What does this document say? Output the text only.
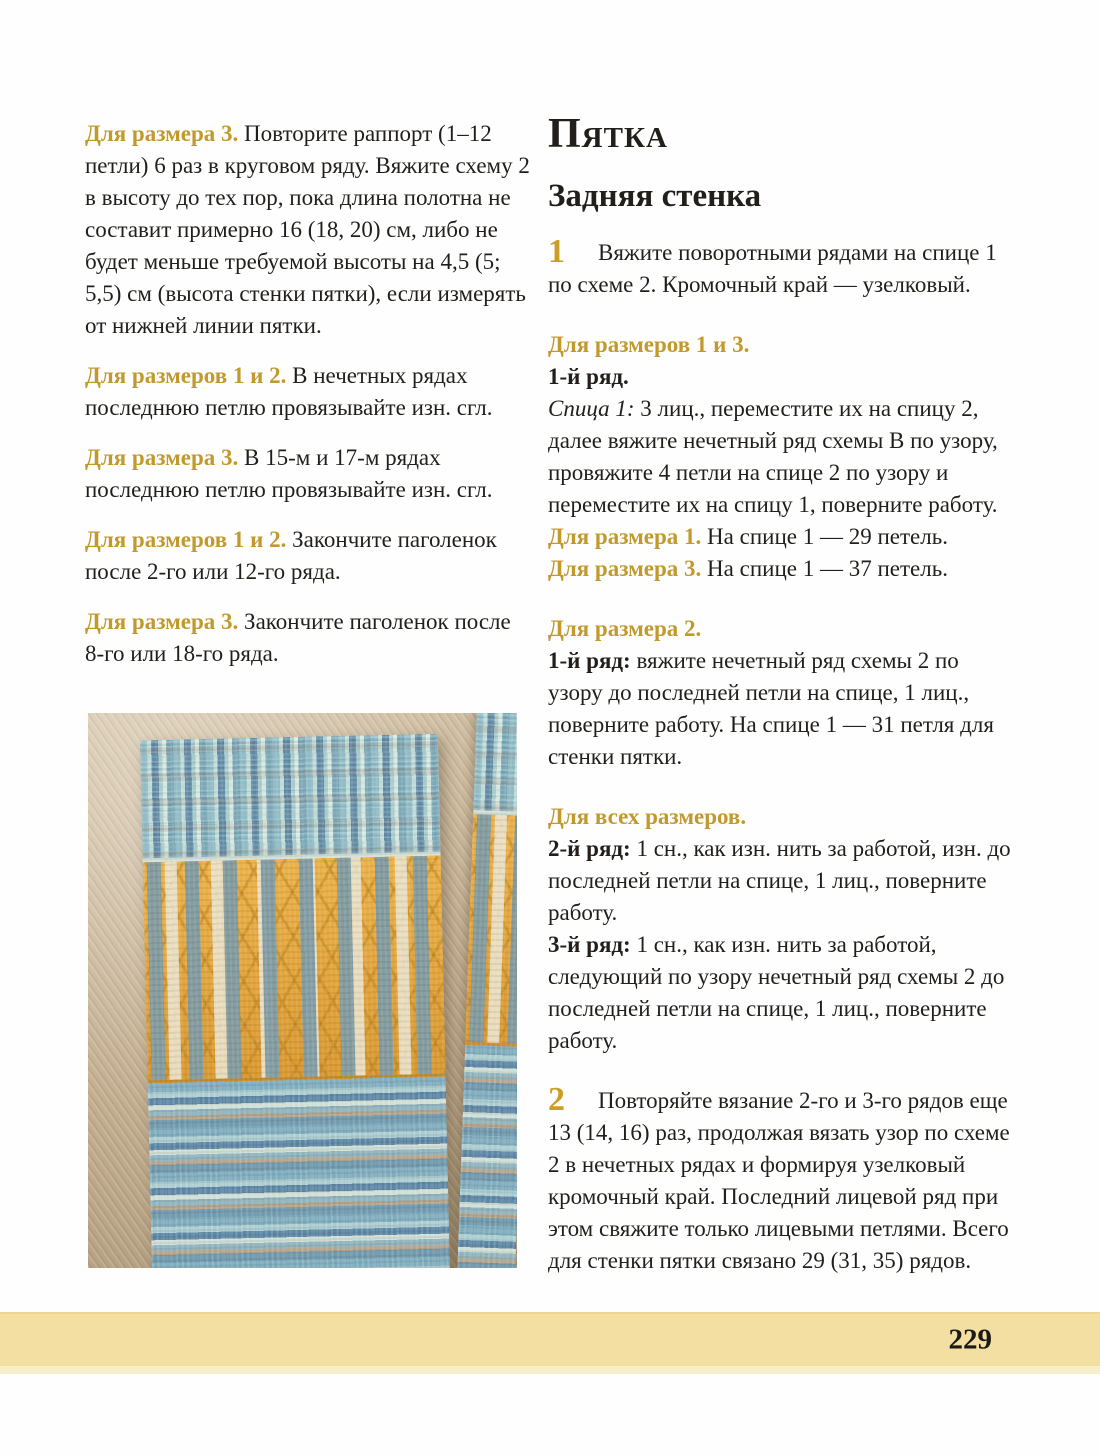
Для размера 3. Повторите раппорт (1–12 петли) 6 раз в круговом ряду. Вяжите схему 2 в высоту до тех пор, пока длина полотна не составит примерно 16 (18, 20) см, либо не будет меньше требуемой высоты на 4,5 (5; 5,5) см (высота стенки пятки), если измерять от нижней линии пятки.

Для размеров 1 и 2. В нечетных рядах последнюю петлю провязывайте изн. сгл.

Для размера 3. В 15-м и 17-м рядах последнюю петлю провязывайте изн. сгл.

Для размеров 1 и 2. Закончите паголенок после 2-го или 12-го ряда.

Для размера 3. Закончите паголенок после 8-го или 18-го ряда.

Пятка
Задняя стенка
1	Вяжите поворотными рядами на спице 1 по схеме 2. Кромочный край — узелковый.

Для размеров 1 и 3.
1-й ряд.

Спица 1: 3 лиц., переместите их на спицу 2, далее вяжите нечетный ряд схемы В по узору, провяжите 4 петли на спице 2 по узору и переместите их на спицу 1, поверните работу.

Для размера 1. На спице 1 — 29 петель.

Для размера 3. На спице 1 — 37 петель.

Для размера 2.

1-й ряд: вяжите нечетный ряд схемы 2 по узору до последней петли на спице, 1 лиц., поверните работу. На спице 1 — 31 петля для стенки пятки.

Для всех размеров.

2-й ряд: 1 сн., как изн. нить за работой, изн. до последней петли на спице, 1 лиц., поверните работу.

3-й ряд: 1 сн., как изн. нить за работой, следующий по узору нечетный ряд схемы 2 до последней петли на спице, 1 лиц., поверните работу.

2	Повторяйте вязание 2-го и 3-го рядов еще 13 (14, 16) раз, продолжая вязать узор по схеме 2 в нечетных рядах и формируя узелковый кромочный край. Последний лицевой ряд при этом свяжите только лицевыми петлями. Всего для стенки пятки связано 29 (31, 35) рядов.

229
